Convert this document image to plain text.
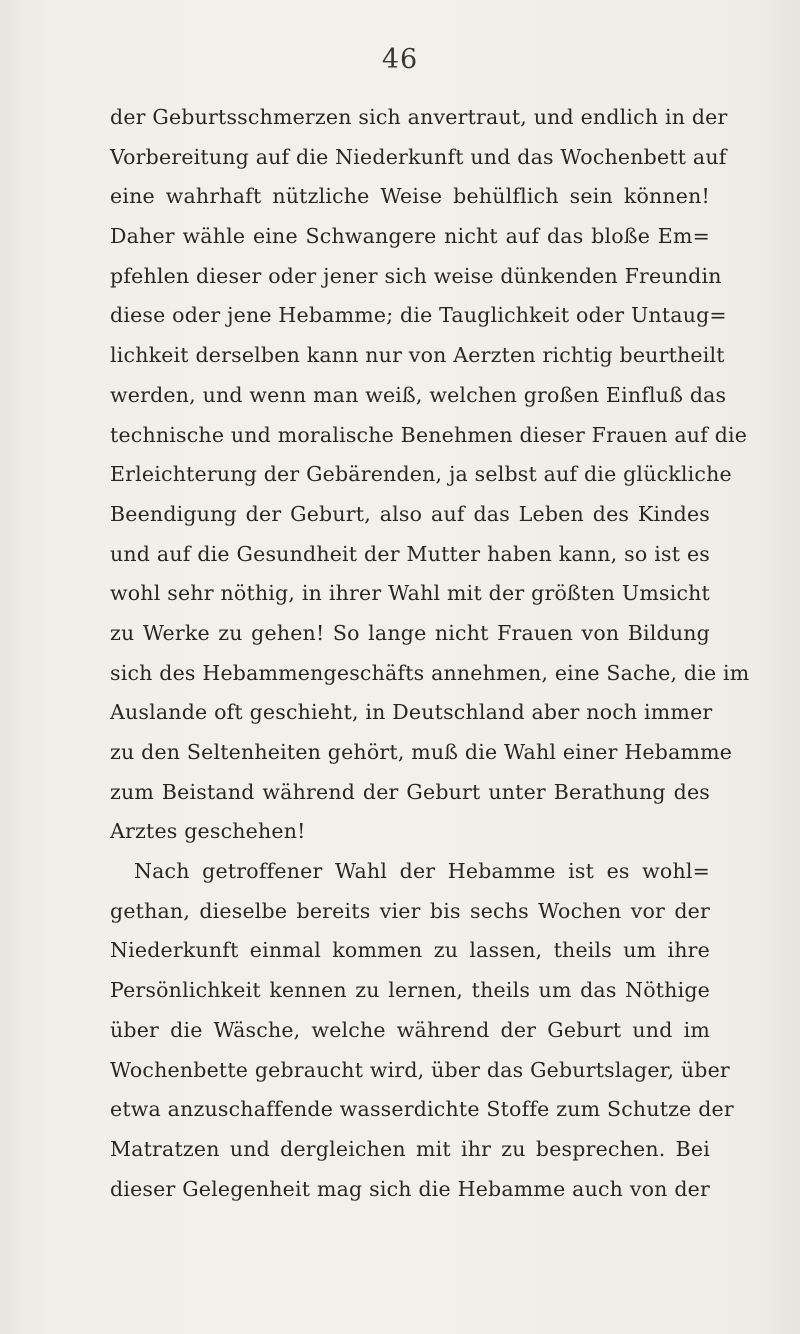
46
der Geburtsschmerzen sich anvertraut, und endlich in der
Vorbereitung auf die Niederkunft und das Wochenbett auf
eine wahrhaft nützliche Weise behülflich sein können!
Daher wähle eine Schwangere nicht auf das bloße Em=
pfehlen dieser oder jener sich weise dünkenden Freundin
diese oder jene Hebamme; die Tauglichkeit oder Untaug=
lichkeit derselben kann nur von Aerzten richtig beurtheilt
werden, und wenn man weiß, welchen großen Einfluß das
technische und moralische Benehmen dieser Frauen auf die
Erleichterung der Gebärenden, ja selbst auf die glückliche
Beendigung der Geburt, also auf das Leben des Kindes
und auf die Gesundheit der Mutter haben kann, so ist es
wohl sehr nöthig, in ihrer Wahl mit der größten Umsicht
zu Werke zu gehen! So lange nicht Frauen von Bildung
sich des Hebammengeschäfts annehmen, eine Sache, die im
Auslande oft geschieht, in Deutschland aber noch immer
zu den Seltenheiten gehört, muß die Wahl einer Hebamme
zum Beistand während der Geburt unter Berathung des
Arztes geschehen!
Nach getroffener Wahl der Hebamme ist es wohl=
gethan, dieselbe bereits vier bis sechs Wochen vor der
Niederkunft einmal kommen zu lassen, theils um ihre
Persönlichkeit kennen zu lernen, theils um das Nöthige
über die Wäsche, welche während der Geburt und im
Wochenbette gebraucht wird, über das Geburtslager, über
etwa anzuschaffende wasserdichte Stoffe zum Schutze der
Matratzen und dergleichen mit ihr zu besprechen. Bei
dieser Gelegenheit mag sich die Hebamme auch von der
